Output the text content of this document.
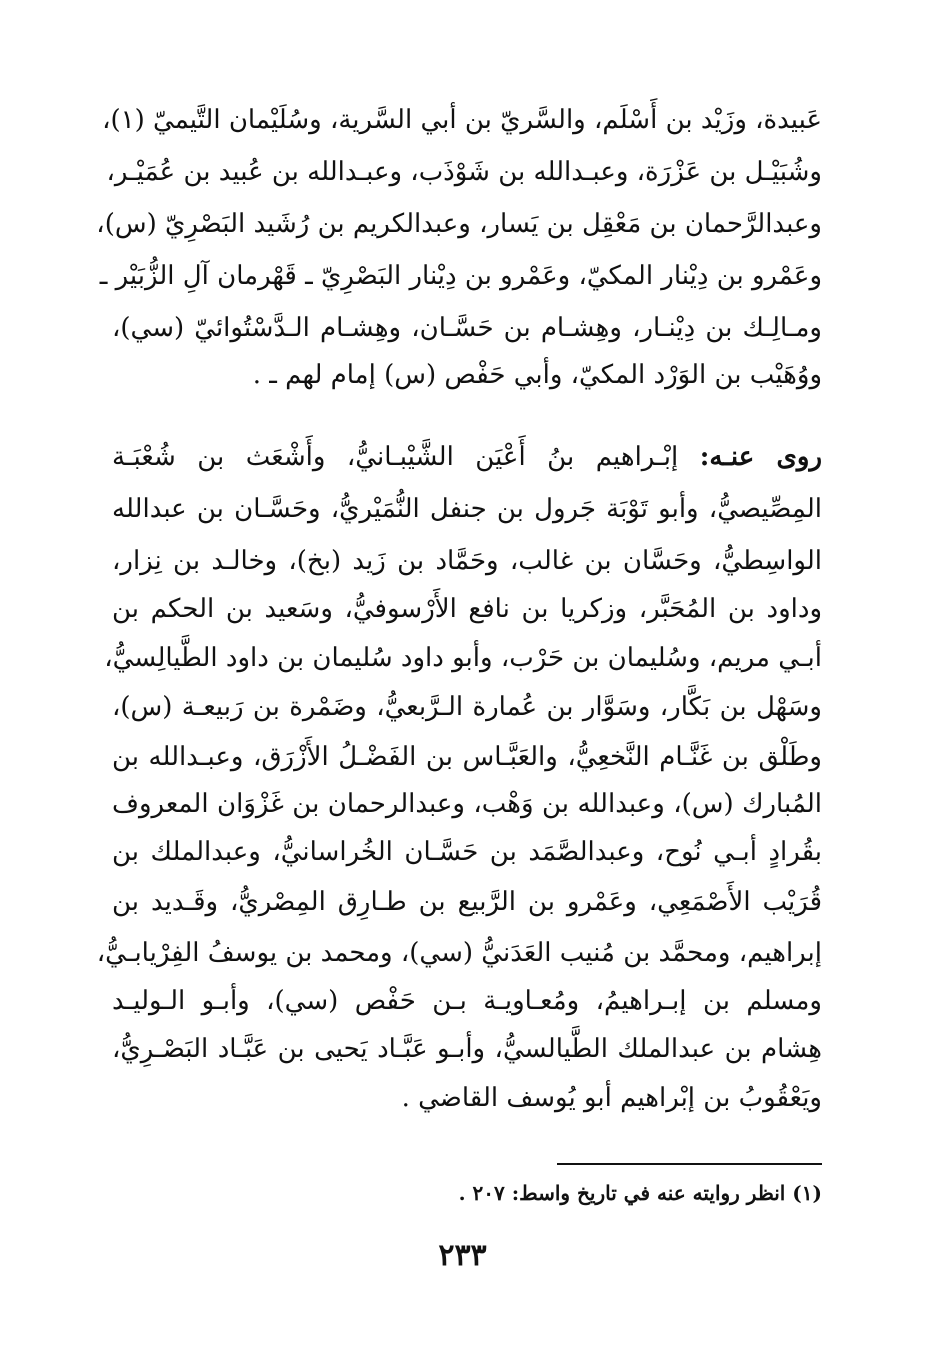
عَبيدة، وزَيْد بن أَسْلَم، والسَّريّ بن أبي السَّرية، وسُلَيْمان التَّيميّ (١)،
وشُبَيْـل بن عَزْرَة، وعبـدالله بن شَوْذَب، وعبـدالله بن عُبيد بن عُمَيْـر،
وعبدالرَّحمان بن مَعْقِل بن يَسار، وعبدالكريم بن رُشَيد البَصْرِيّ (س)،
وعَمْرو بن دِيْنار المكيّ، وعَمْرو بن دِيْنار البَصْرِيّ ـ قَهْرمان آلِ الزُّبَيْر ـ
ومـالِـك بن دِيْنـار، وهِشـام بن حَسَّـان، وهِشـام الـدَّسْتُوائيّ (سي)،
ووُهَيْب بن الوَرْد المكيّ، وأبي حَفْص (س) إمام لهم ـ .
روى عنـه: إبْـراهيم بنُ أَعْيَن الشَّيْبـانيُّ، وأَشْعَث بن شُعْبَـة
المِصِّيصيُّ، وأبو تَوْبَة جَرول بن جنفل النُّمَيْريُّ، وحَسَّـان بن عبدالله
الواسِطيُّ، وحَسَّان بن غالب، وحَمَّاد بن زَيد (بخ)، وخالـد بن نِزار،
وداود بن المُحَبَّر، وزكريا بن نافع الأَرْسوفيُّ، وسَعيد بن الحكم بن
أبـي مريم، وسُليمان بن حَرْب، وأبو داود سُليمان بن داود الطَّيالِسيُّ،
وسَهْل بن بَكَّار، وسَوَّار بن عُمارة الـرَّبعيُّ، وضَمْرة بن رَبيعـة (س)،
وطَلْق بن غَنَّـام النَّخعِيُّ، والعَبَّـاس بن الفَضْـلُ الأَزْرَق، وعبـدالله بن
المُبارك (س)، وعبدالله بن وَهْب، وعبدالرحمان بن غَزْوَان المعروف
بقُرادٍ أبـي نُوح، وعبدالصَّمَد بن حَسَّـان الخُراسانيُّ، وعبدالملك بن
قُرَيْب الأَصْمَعِي، وعَمْرو بن الرَّبيع بن طـارِق المِصْريُّ، وقَـديد بن
إبراهيم، ومحمَّد بن مُنيب العَدَنيُّ (سي)، ومحمد بن يوسفُ الفِرْيابـيُّ،
ومسلم بن إبـراهيمُ، ومُعـاويـة بـن حَفْص (سي)، وأبـو الـوليـد
هِشام بن عبدالملك الطَّيالسيُّ، وأبـو عَبَّـاد يَحيى بن عَبَّـاد البَصْـرِيُّ،
ويَعْقُوبُ بن إبْراهيم أبو يُوسف القاضي .
(١) انظر روايته عنه في تاريخ واسط: ٢٠٧ .
٢٣٣
